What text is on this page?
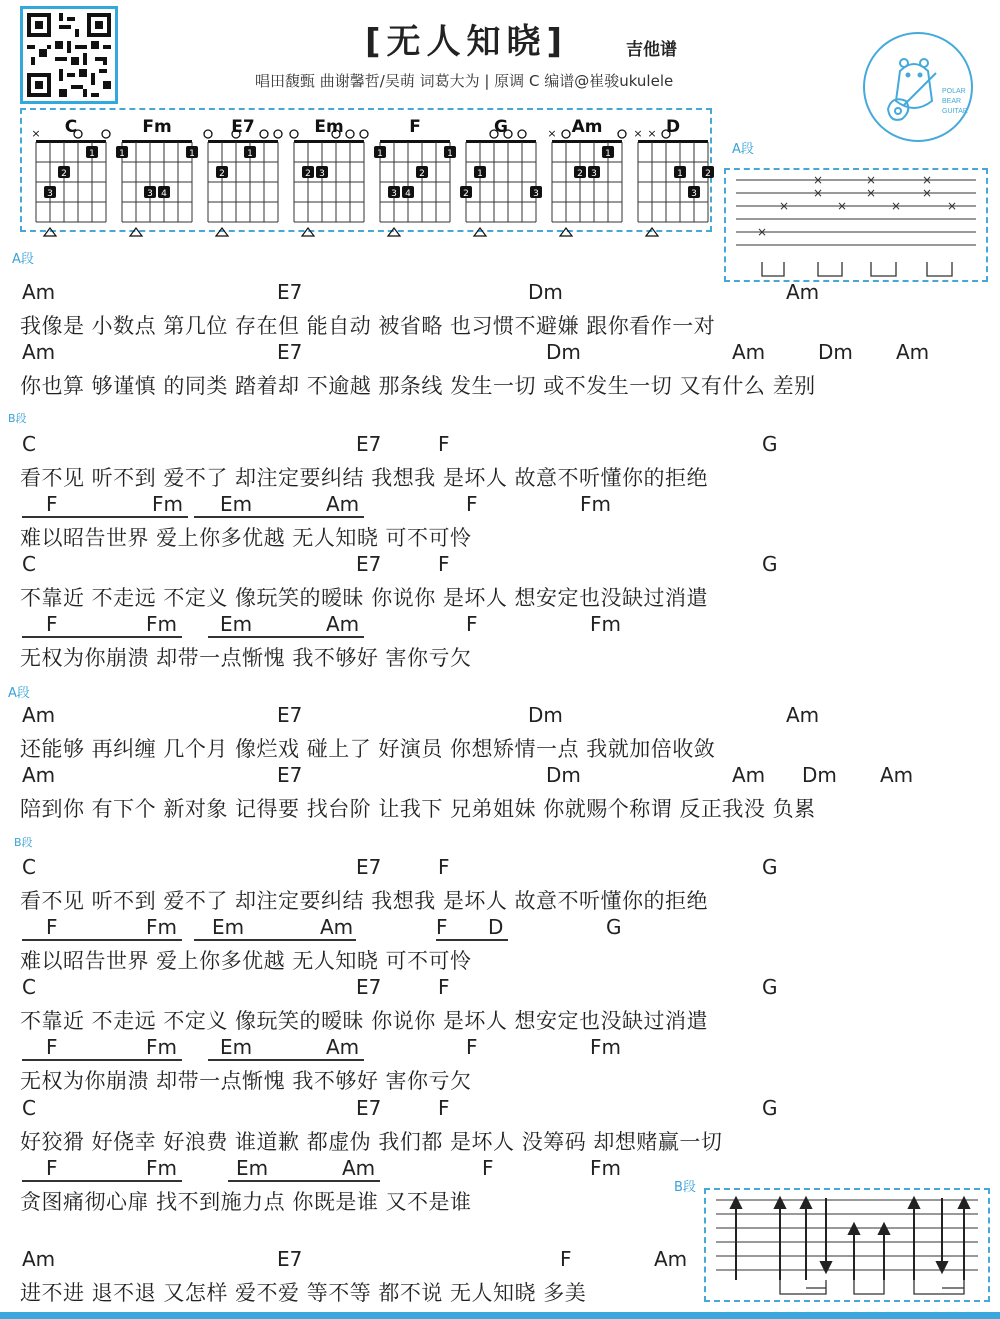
[无人知晓]	吉他谱
唱田馥甄 曲谢馨哲/吴萌 词葛大为 | 原调 C 编谱@崔骏ukulele
POLAR
BEAR
GUITAR
C
×
1
2
3
Fm
1	1
3 4
E7
1
2
Em
2 3
F
1	1
2
3 4
G
1
2	3
Am
×
1
2 3
D
× ×
1 2
3
A段
×
×
×
×
×
×
×
×
×
×
×
B段
A段
B段
A段
B段
Am	E7	Dm	Am
我像是 小数点 第几位 存在但 能自动 被省略 也习惯不避嫌 跟你看作一对
Am	E7	Dm	Am	Dm Am
你也算 够谨慎 的同类 踏着却 不逾越 那条线 发生一切 或不发生一切 又有什么 差别
C	E7	F	G
看不见 听不到 爱不了 却注定要纠结 我想我 是坏人 故意不听懂你的拒绝
F	Fm Em	Am	F	Fm
难以昭告世界 爱上你多优越 无人知晓 可不可怜
C	E7	F	G
不靠近 不走远 不定义 像玩笑的暧昧 你说你 是坏人 想安定也没缺过消遣
F	Fm Em	Am	F	Fm
无权为你崩溃 却带一点惭愧 我不够好 害你亏欠
Am	E7	Dm	Am
还能够 再纠缠 几个月 像烂戏 碰上了 好演员 你想矫情一点 我就加倍收敛
Am	E7	Dm	Am Dm Am
陪到你 有下个 新对象 记得要 找台阶 让我下 兄弟姐妹 你就赐个称谓 反正我没 负累
C	E7	F	G
看不见 听不到 爱不了 却注定要纠结 我想我 是坏人 故意不听懂你的拒绝
F	Fm Em	Am	F D	G
难以昭告世界 爱上你多优越 无人知晓 可不可怜
C	E7	F	G
不靠近 不走远 不定义 像玩笑的暧昧 你说你 是坏人 想安定也没缺过消遣
F	Fm Em	Am	F	Fm
无权为你崩溃 却带一点惭愧 我不够好 害你亏欠
C	E7	F	G
好狡猾 好侥幸 好浪费 谁道歉 都虚伪 我们都 是坏人 没筹码 却想赌赢一切
F	Fm	Em	Am	F	Fm
贪图痛彻心扉 找不到施力点 你既是谁 又不是谁
Am	E7	F	Am
进不进 退不退 又怎样 爱不爱 等不等 都不说 无人知晓 多美
